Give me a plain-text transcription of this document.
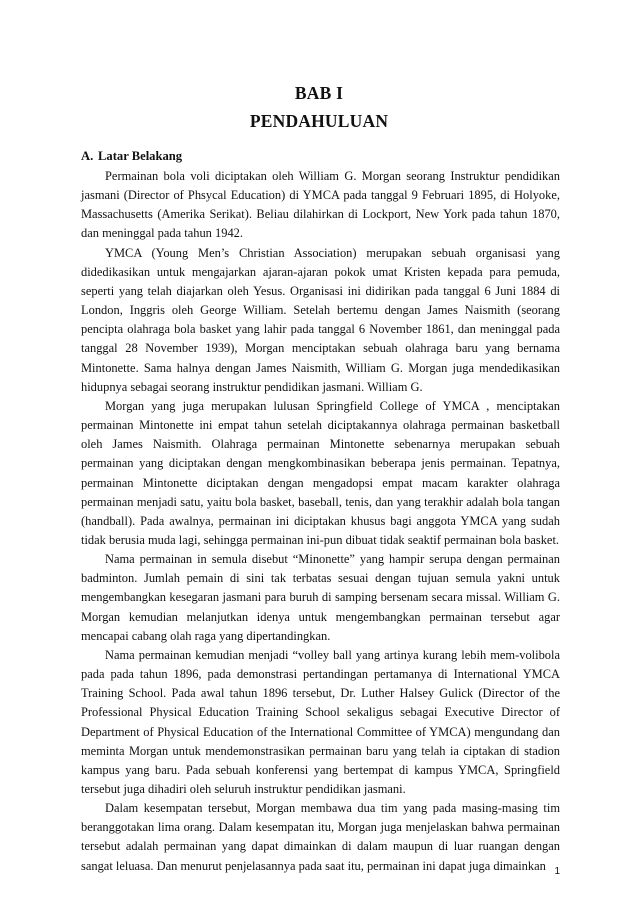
BAB I
PENDAHULUAN
A. Latar Belakang

Permainan bola voli diciptakan oleh William G. Morgan seorang Instruktur pendidikan jasmani (Director of Phsycal Education) di YMCA pada tanggal 9 Februari 1895, di Holyoke, Massachusetts (Amerika Serikat). Beliau dilahirkan di Lockport, New York pada tahun 1870, dan meninggal pada tahun 1942.

YMCA (Young Men’s Christian Association) merupakan sebuah organisasi yang didedikasikan untuk mengajarkan ajaran-ajaran pokok umat Kristen kepada para pemuda, seperti yang telah diajarkan oleh Yesus. Organisasi ini didirikan pada tanggal 6 Juni 1884 di London, Inggris oleh George William. Setelah bertemu dengan James Naismith (seorang pencipta olahraga bola basket yang lahir pada tanggal 6 November 1861, dan meninggal pada tanggal 28 November 1939), Morgan menciptakan sebuah olahraga baru yang bernama Mintonette. Sama halnya dengan James Naismith, William G. Morgan juga mendedikasikan hidupnya sebagai seorang instruktur pendidikan jasmani. William G.

Morgan yang juga merupakan lulusan Springfield College of YMCA , menciptakan permainan Mintonette ini empat tahun setelah diciptakannya olahraga permainan basketball oleh James Naismith. Olahraga permainan Mintonette sebenarnya merupakan sebuah permainan yang diciptakan dengan mengkombinasikan beberapa jenis permainan. Tepatnya, permainan Mintonette diciptakan dengan mengadopsi empat macam karakter olahraga permainan menjadi satu, yaitu bola basket, baseball, tenis, dan yang terakhir adalah bola tangan (handball). Pada awalnya, permainan ini diciptakan khusus bagi anggota YMCA yang sudah tidak berusia muda lagi, sehingga permainan ini-pun dibuat tidak seaktif permainan bola basket.

Nama permainan in semula disebut “Minonette” yang hampir serupa dengan permainan badminton. Jumlah pemain di sini tak terbatas sesuai dengan tujuan semula yakni untuk mengembangkan kesegaran jasmani para buruh di samping bersenam secara missal. William G. Morgan kemudian melanjutkan idenya untuk mengembangkan permainan tersebut agar mencapai cabang olah raga yang dipertandingkan.

Nama permainan kemudian menjadi “volley ball yang artinya kurang lebih mem-volibola pada pada tahun 1896, pada demonstrasi pertandingan pertamanya di International YMCA Training School. Pada awal tahun 1896 tersebut, Dr. Luther Halsey Gulick (Director of the Professional Physical Education Training School sekaligus sebagai Executive Director of Department of Physical Education of the International Committee of YMCA) mengundang dan meminta Morgan untuk mendemonstrasikan permainan baru yang telah ia ciptakan di stadion kampus yang baru. Pada sebuah konferensi yang bertempat di kampus YMCA, Springfield tersebut juga dihadiri oleh seluruh instruktur pendidikan jasmani.

Dalam kesempatan tersebut, Morgan membawa dua tim yang pada masing-masing tim beranggotakan lima orang. Dalam kesempatan itu, Morgan juga menjelaskan bahwa permainan tersebut adalah permainan yang dapat dimainkan di dalam maupun di luar ruangan dengan sangat leluasa. Dan menurut penjelasannya pada saat itu, permainan ini dapat juga dimainkan 1
